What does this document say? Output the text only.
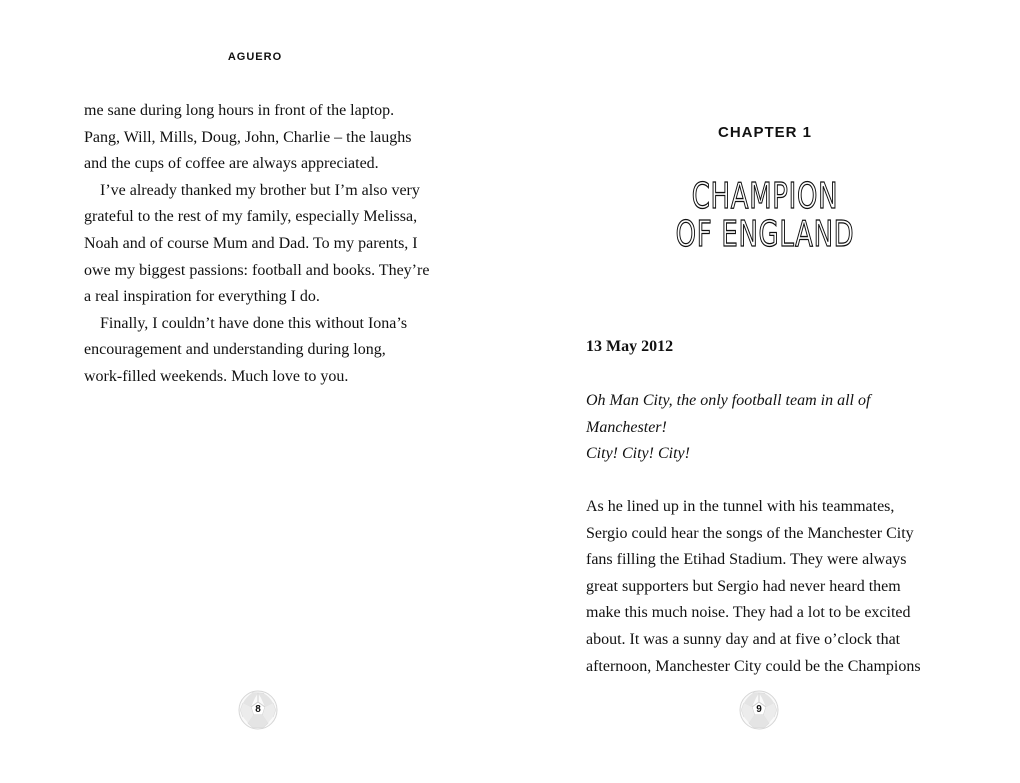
AGUERO
me sane during long hours in front of the laptop.
Pang, Will, Mills, Doug, John, Charlie – the laughs
and the cups of coffee are always appreciated.
I’ve already thanked my brother but I’m also very
grateful to the rest of my family, especially Melissa,
Noah and of course Mum and Dad. To my parents, I
owe my biggest passions: football and books. They’re
a real inspiration for everything I do.
Finally, I couldn’t have done this without Iona’s
encouragement and understanding during long,
work-filled weekends. Much love to you.
8
CHAPTER 1
CHAMPION
OF ENGLAND
13 May 2012
Oh Man City, the only football team in all of
Manchester!
City! City! City!
As he lined up in the tunnel with his teammates,
Sergio could hear the songs of the Manchester City
fans filling the Etihad Stadium. They were always
great supporters but Sergio had never heard them
make this much noise. They had a lot to be excited
about. It was a sunny day and at five o’clock that
afternoon, Manchester City could be the Champions
9
